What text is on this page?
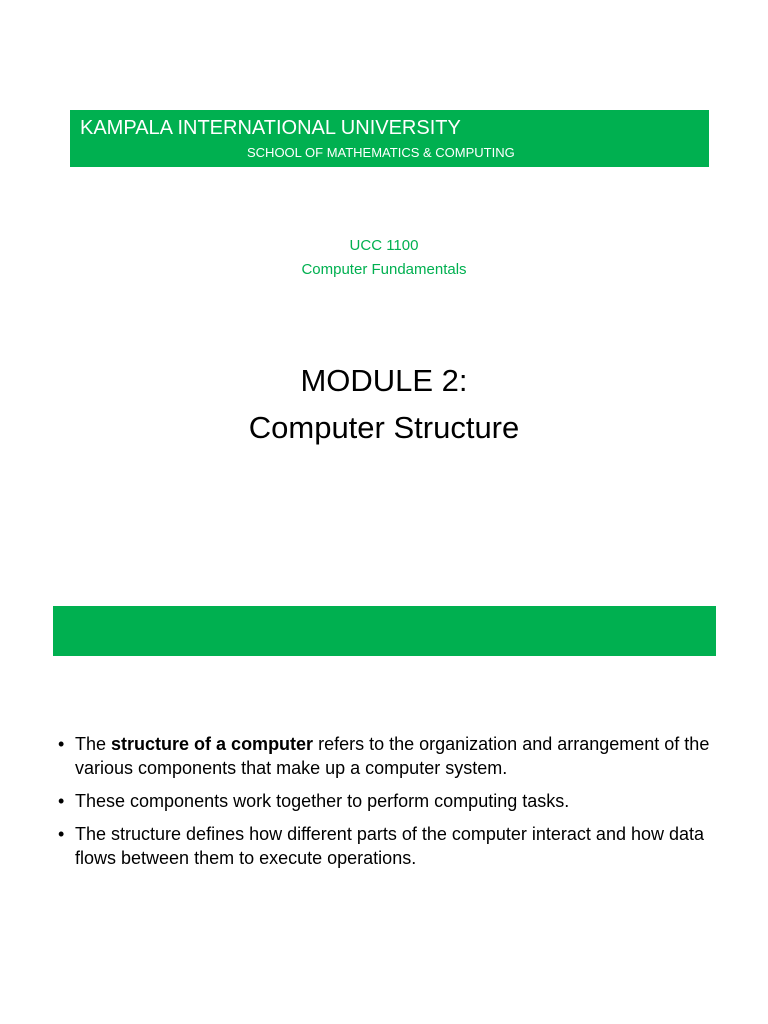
KAMPALA INTERNATIONAL UNIVERSITY
SCHOOL OF MATHEMATICS & COMPUTING
UCC 1100
Computer Fundamentals
MODULE 2:
Computer Structure
• The structure of a computer refers to the organization and arrangement of the various components that make up a computer system.
• These components work together to perform computing tasks.
• The structure defines how different parts of the computer interact and how data flows between them to execute operations.
